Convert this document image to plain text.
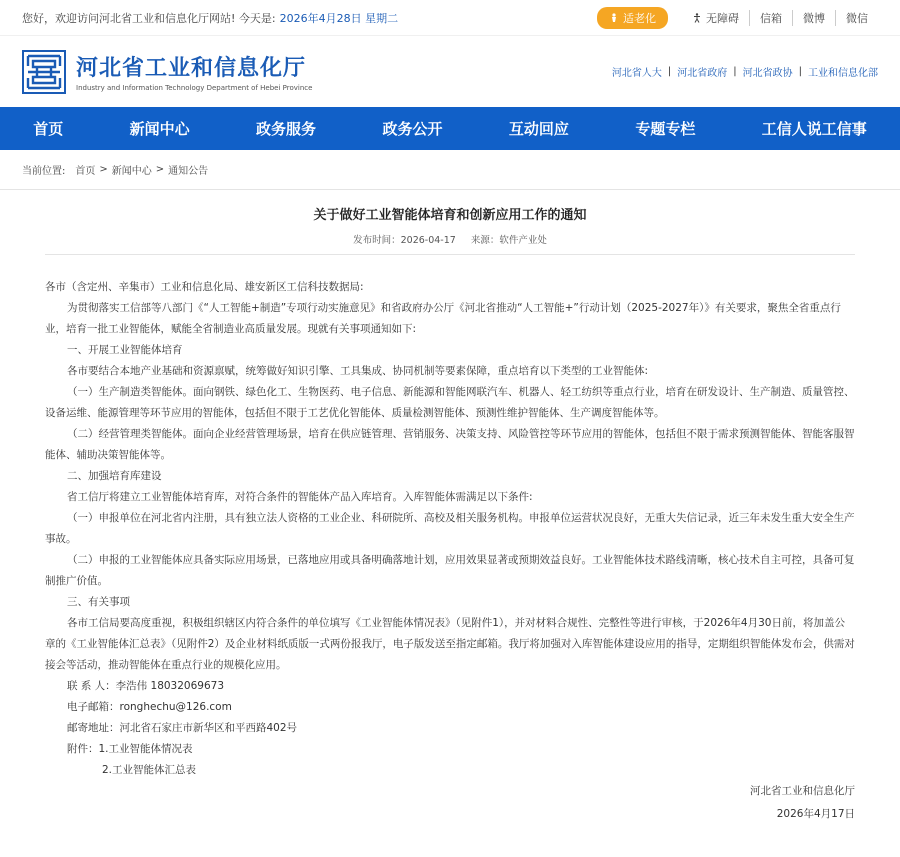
您好，欢迎访问河北省工业和信息化厅网站! 今天是: 2026年4月28日 星期二	适老化	无障碍	信箱	微博	微信
河北省工业和信息化厅
Industry and Information Technology Department of Hebei Province
河北省人大 | 河北省政府 | 河北省政协 | 工业和信息化部
首页	新闻中心	政务服务	政务公开	互动回应	专题专栏	工信人说工信事
当前位置: 首页 > 新闻中心 > 通知公告
关于做好工业智能体培育和创新应用工作的通知
发布时间：2026-04-17 来源：软件产业处

各市（含定州、辛集市）工业和信息化局、雄安新区工信科技数据局:

为贯彻落实工信部等八部门《“人工智能+制造”专项行动实施意见》和省政府办公厅《河北省推动“人工智能+”行动计划（2025-2027年）》有关要求，聚焦全省重点行业，培育一批工业智能体，赋能全省制造业高质量发展。现就有关事项通知如下:

一、开展工业智能体培育

各市要结合本地产业基础和资源禀赋，统筹做好知识引擎、工具集成、协同机制等要素保障，重点培育以下类型的工业智能体:

（一）生产制造类智能体。面向钢铁、绿色化工、生物医药、电子信息、新能源和智能网联汽车、机器人、轻工纺织等重点行业，培育在研发设计、生产制造、质量管控、设备运维、能源管理等环节应用的智能体，包括但不限于工艺优化智能体、质量检测智能体、预测性维护智能体、生产调度智能体等。

（二）经营管理类智能体。面向企业经营管理场景，培育在供应链管理、营销服务、决策支持、风险管控等环节应用的智能体，包括但不限于需求预测智能体、智能客服智能体、辅助决策智能体等。

二、加强培育库建设

省工信厅将建立工业智能体培育库，对符合条件的智能体产品入库培育。入库智能体需满足以下条件:

（一）申报单位在河北省内注册，具有独立法人资格的工业企业、科研院所、高校及相关服务机构。申报单位运营状况良好，无重大失信记录，近三年未发生重大安全生产事故。

（二）申报的工业智能体应具备实际应用场景，已落地应用或具备明确落地计划，应用效果显著或预期效益良好。工业智能体技术路线清晰，核心技术自主可控，具备可复制推广价值。

三、有关事项

各市工信局要高度重视，积极组织辖区内符合条件的单位填写《工业智能体情况表》（见附件1），并对材料合规性、完整性等进行审核，于2026年4月30日前，将加盖公章的《工业智能体汇总表》（见附件2）及企业材料纸质版一式两份报我厅，电子版发送至指定邮箱。我厅将加强对入库智能体建设应用的指导，定期组织智能体发布会，供需对接会等活动，推动智能体在重点行业的规模化应用。

联 系 人：李浩伟 18032069673

电子邮箱：ronghechu@126.com

邮寄地址：河北省石家庄市新华区和平西路402号

附件：1.工业智能体情况表

2.工业智能体汇总表

河北省工业和信息化厅

2026年4月17日
